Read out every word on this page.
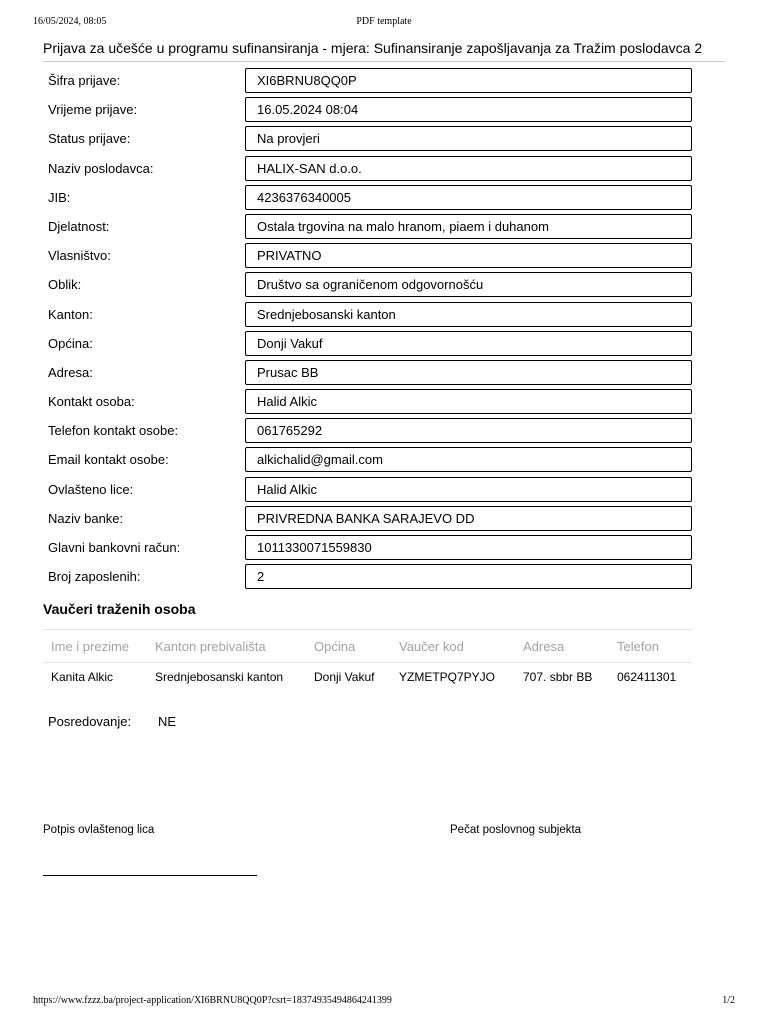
16/05/2024, 08:05	PDF template
Prijava za učešće u programu sufinansiranja - mjera: Sufinansiranje zapošljavanja za Tražim poslodavca 2
Šifra prijave:	XI6BRNU8QQ0P
Vrijeme prijave:	16.05.2024 08:04
Status prijave:	Na provjeri
Naziv poslodavca:	HALIX-SAN d.o.o.
JIB:	4236376340005
Djelatnost:	Ostala trgovina na malo hranom, piaem i duhanom
Vlasništvo:	PRIVATNO
Oblik:	Društvo sa ograničenom odgovornošću
Kanton:	Srednjebosanski kanton
Općina:	Donji Vakuf
Adresa:	Prusac BB
Kontakt osoba:	Halid Alkic
Telefon kontakt osobe:	061765292
Email kontakt osobe:	alkichalid@gmail.com
Ovlašteno lice:	Halid Alkic
Naziv banke:	PRIVREDNA BANKA SARAJEVO DD
Glavni bankovni račun:	1011330071559830
Broj zaposlenih:	2
Vaučeri traženih osoba
Ime i prezime	Kanton prebivališta	Općina	Vaučer kod	Adresa	Telefon
Kanita Alkic	Srednjebosanski kanton	Donji Vakuf	YZMETPQ7PYJO	707. sbbr BB	062411301
Posredovanje: NE
Potpis ovlaštenog lica	Pečat poslovnog subjekta
https://www.fzzz.ba/project-application/XI6BRNU8QQ0P?csrt=18374935494864241399	1/2
